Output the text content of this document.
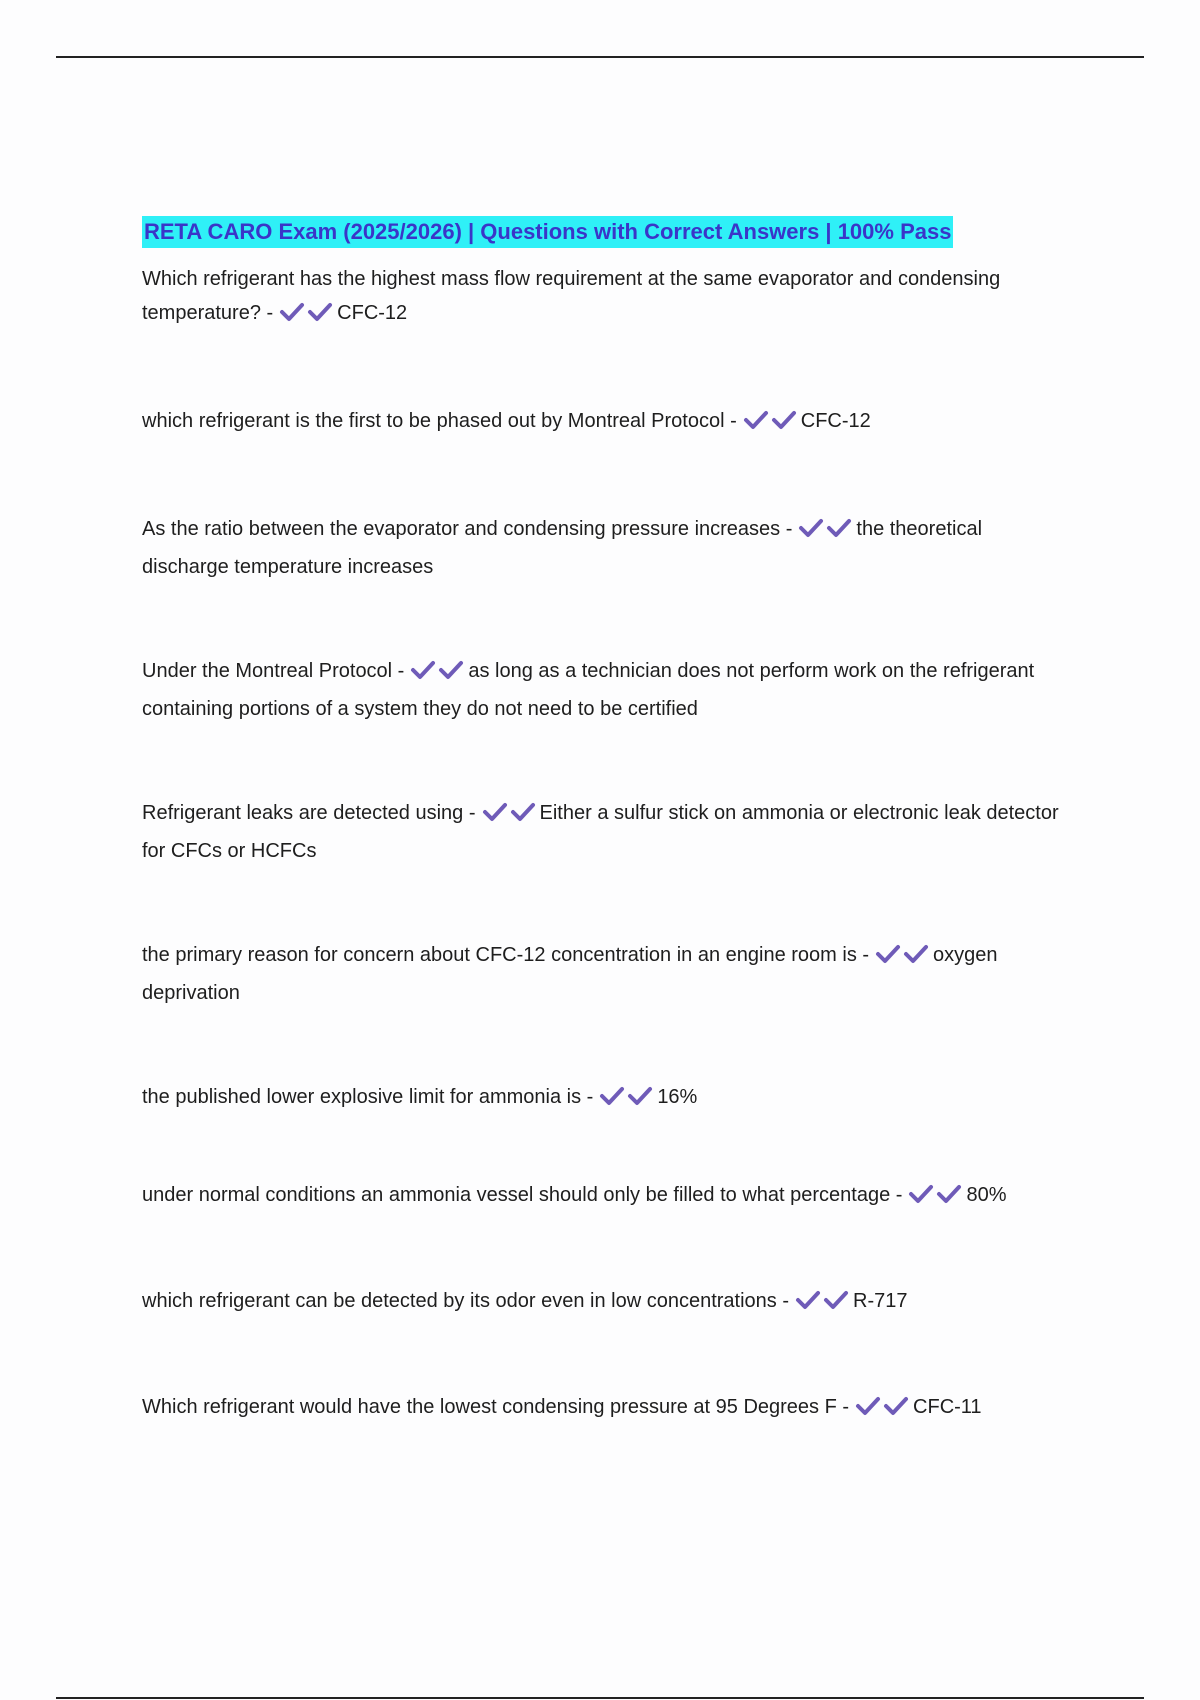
RETA CARO Exam (2025/2026) | Questions with Correct Answers | 100% Pass

Which refrigerant has the highest mass flow requirement at the same evaporator and condensing temperature? -	CFC-12

which refrigerant is the first to be phased out by Montreal Protocol -	CFC-12

As the ratio between the evaporator and condensing pressure increases -	the theoretical discharge temperature increases

Under the Montreal Protocol -	as long as a technician does not perform work on the refrigerant containing portions of a system they do not need to be certified

Refrigerant leaks are detected using -	Either a sulfur stick on ammonia or electronic leak detector for CFCs or HCFCs

the primary reason for concern about CFC-12 concentration in an engine room is -	oxygen deprivation

the published lower explosive limit for ammonia is -	16%

under normal conditions an ammonia vessel should only be filled to what percentage -	80%

which refrigerant can be detected by its odor even in low concentrations -	R-717

Which refrigerant would have the lowest condensing pressure at 95 Degrees F -	CFC-11
